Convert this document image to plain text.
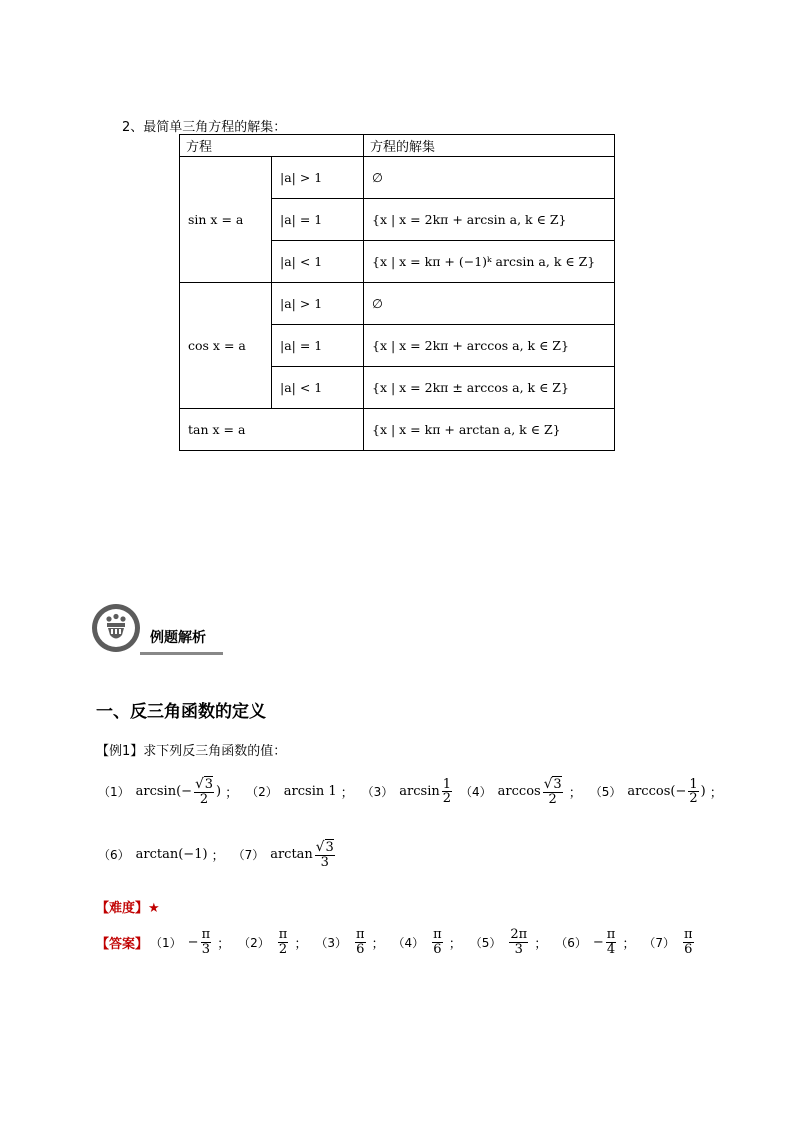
2、最简单三角方程的解集：
方程		方程的解集
sin x = a	|a| > 1	∅
	|a| = 1	{x | x = 2kπ + arcsin a, k ∈ Z}
	|a| < 1	{x | x = kπ + (−1)ᵏ arcsin a, k ∈ Z}
cos x = a	|a| > 1	∅
	|a| = 1	{x | x = 2kπ + arccos a, k ∈ Z}
	|a| < 1	{x | x = 2kπ ± arccos a, k ∈ Z}
tan x = a		{x | x = kπ + arctan a, k ∈ Z}
例题解析
一、反三角函数的定义
【例1】求下列反三角函数的值：
（1） $\arcsin(- \frac{√3}{2}$ ) ； （2） arcsin 1 ； （3） $\arcsin \frac{1}{2} (4)$ $\arccos \frac{√3}{2}$ ； （5） $\arccos(- \frac{1}{2}$ ) ；
（6） arctan(−1) ； （7） $\arctan \frac{√3}{3}$
【难度】★
【答案】 $(1) - \frac{\pi}{3}$ ； $(2) \frac{\pi}{2}$ ； $(3) \frac{\pi}{6}$ ； $(4) \frac{\pi}{6}$ ； $(5) \frac{2\pi}{3}$ ； $(6) - \frac{\pi}{4}$ ； $(7) \frac{\pi}{6}$
